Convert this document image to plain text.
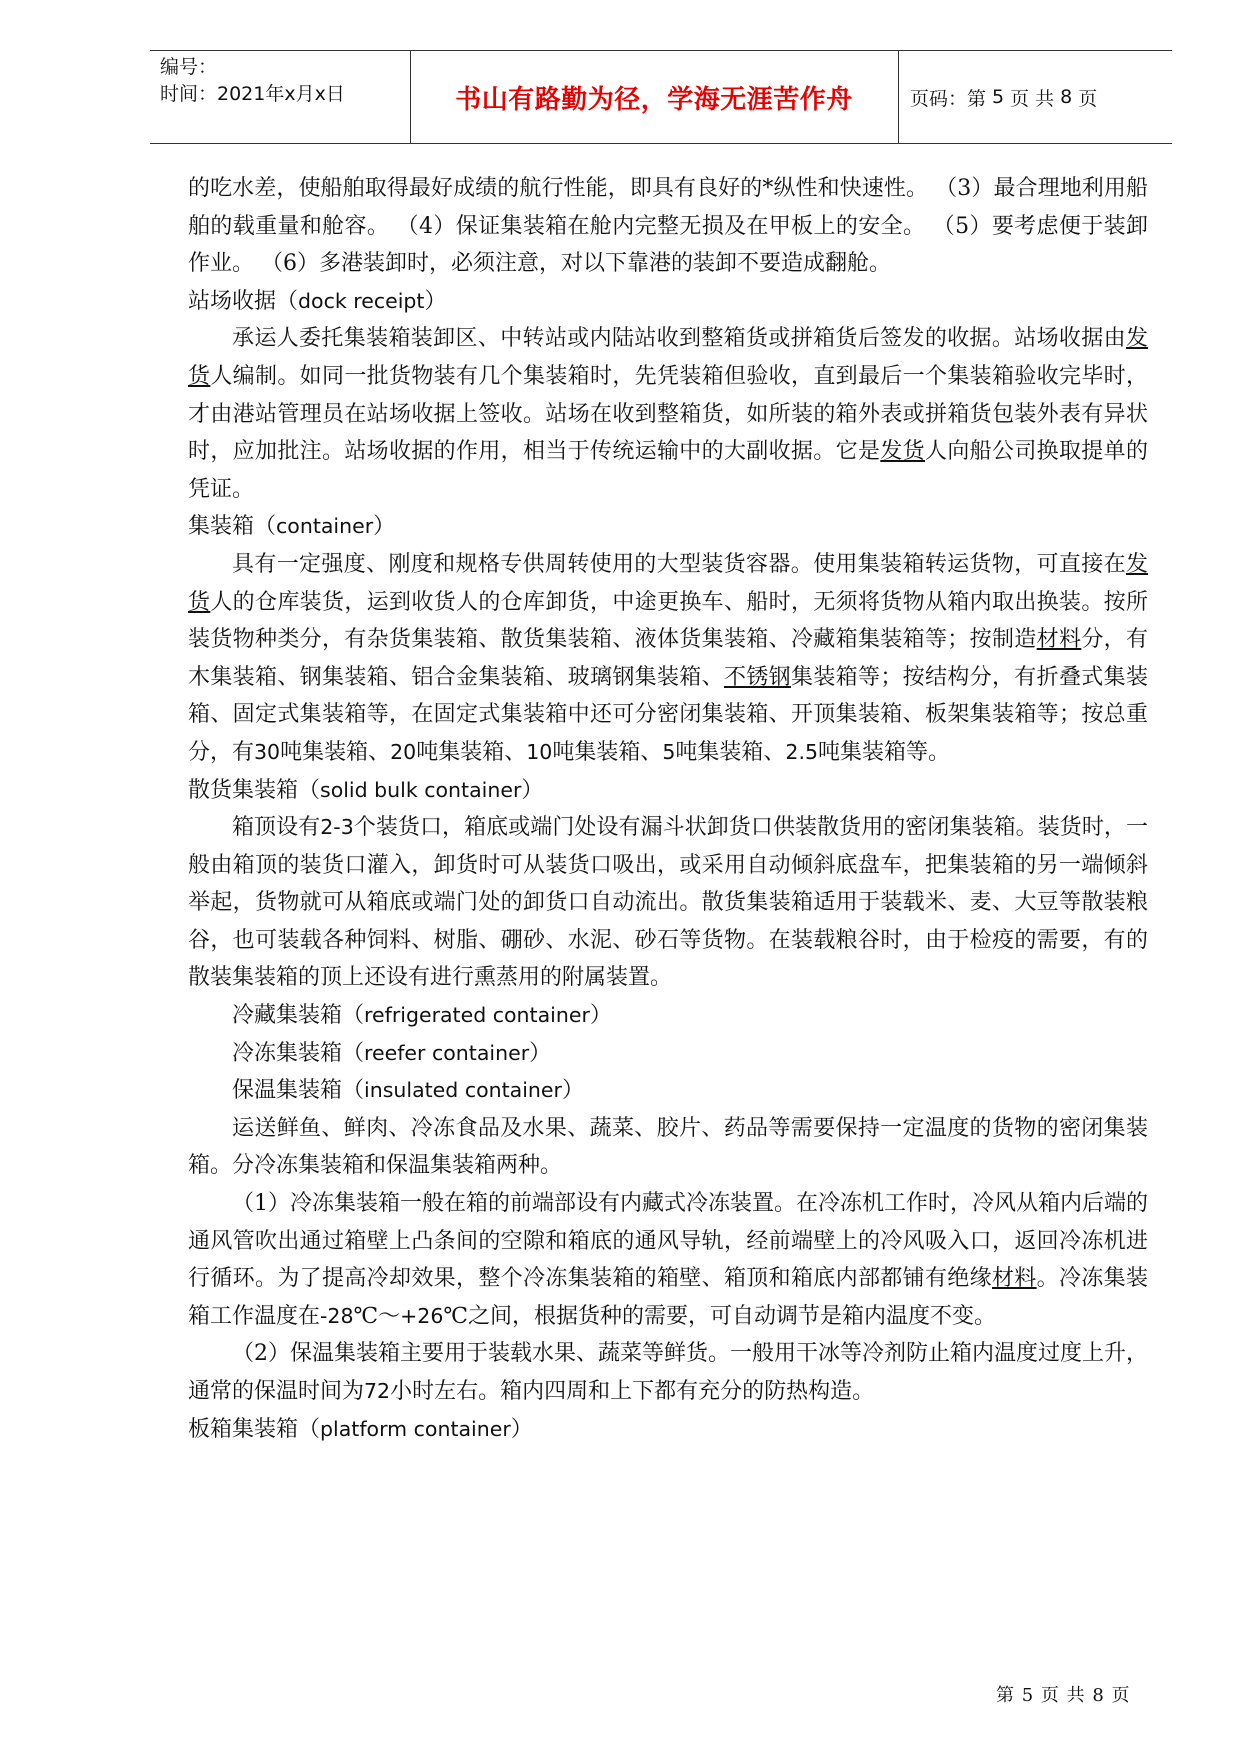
编号：
时间：2021年x月x日	书山有路勤为径，学海无涯苦作舟	页码：第 5 页 共 8 页

的吃水差，使船舶取得最好成绩的航行性能，即具有良好的*纵性和快速性。 （3）最合理地利用船舶的载重量和舱容。 （4）保证集装箱在舱内完整无损及在甲板上的安全。 （5）要考虑便于装卸作业。 （6）多港装卸时，必须注意，对以下靠港的装卸不要造成翻舱。

站场收据（dock receipt）

承运人委托集装箱装卸区、中转站或内陆站收到整箱货或拼箱货后签发的收据。站场收据由发货人编制。如同一批货物装有几个集装箱时，先凭装箱但验收，直到最后一个集装箱验收完毕时，才由港站管理员在站场收据上签收。站场在收到整箱货，如所装的箱外表或拼箱货包装外表有异状时，应加批注。站场收据的作用，相当于传统运输中的大副收据。它是发货人向船公司换取提单的凭证。

集装箱（container）

具有一定强度、刚度和规格专供周转使用的大型装货容器。使用集装箱转运货物，可直接在发货人的仓库装货，运到收货人的仓库卸货，中途更换车、船时，无须将货物从箱内取出换装。按所装货物种类分，有杂货集装箱、散货集装箱、液体货集装箱、冷藏箱集装箱等；按制造材料分，有木集装箱、钢集装箱、铝合金集装箱、玻璃钢集装箱、不锈钢集装箱等；按结构分，有折叠式集装箱、固定式集装箱等，在固定式集装箱中还可分密闭集装箱、开顶集装箱、板架集装箱等；按总重分，有30吨集装箱、20吨集装箱、10吨集装箱、5吨集装箱、2.5吨集装箱等。

散货集装箱（solid bulk container）

箱顶设有2-3个装货口，箱底或端门处设有漏斗状卸货口供装散货用的密闭集装箱。装货时，一般由箱顶的装货口灌入，卸货时可从装货口吸出，或采用自动倾斜底盘车，把集装箱的另一端倾斜举起，货物就可从箱底或端门处的卸货口自动流出。散货集装箱适用于装载米、麦、大豆等散装粮谷，也可装载各种饲料、树脂、硼砂、水泥、砂石等货物。在装载粮谷时，由于检疫的需要，有的散装集装箱的顶上还设有进行熏蒸用的附属装置。

冷藏集装箱（refrigerated container）

冷冻集装箱（reefer container）

保温集装箱（insulated container）

运送鲜鱼、鲜肉、冷冻食品及水果、蔬菜、胶片、药品等需要保持一定温度的货物的密闭集装箱。分冷冻集装箱和保温集装箱两种。

（1）冷冻集装箱一般在箱的前端部设有内藏式冷冻装置。在冷冻机工作时，冷风从箱内后端的通风管吹出通过箱壁上凸条间的空隙和箱底的通风导轨，经前端壁上的冷风吸入口，返回冷冻机进行循环。为了提高冷却效果，整个冷冻集装箱的箱壁、箱顶和箱底内部都铺有绝缘材料。冷冻集装箱工作温度在-28℃～+26℃之间，根据货种的需要，可自动调节是箱内温度不变。

（2）保温集装箱主要用于装载水果、蔬菜等鲜货。一般用干冰等冷剂防止箱内温度过度上升，通常的保温时间为72小时左右。箱内四周和上下都有充分的防热构造。

板箱集装箱（platform container）

第 5 页 共 8 页
